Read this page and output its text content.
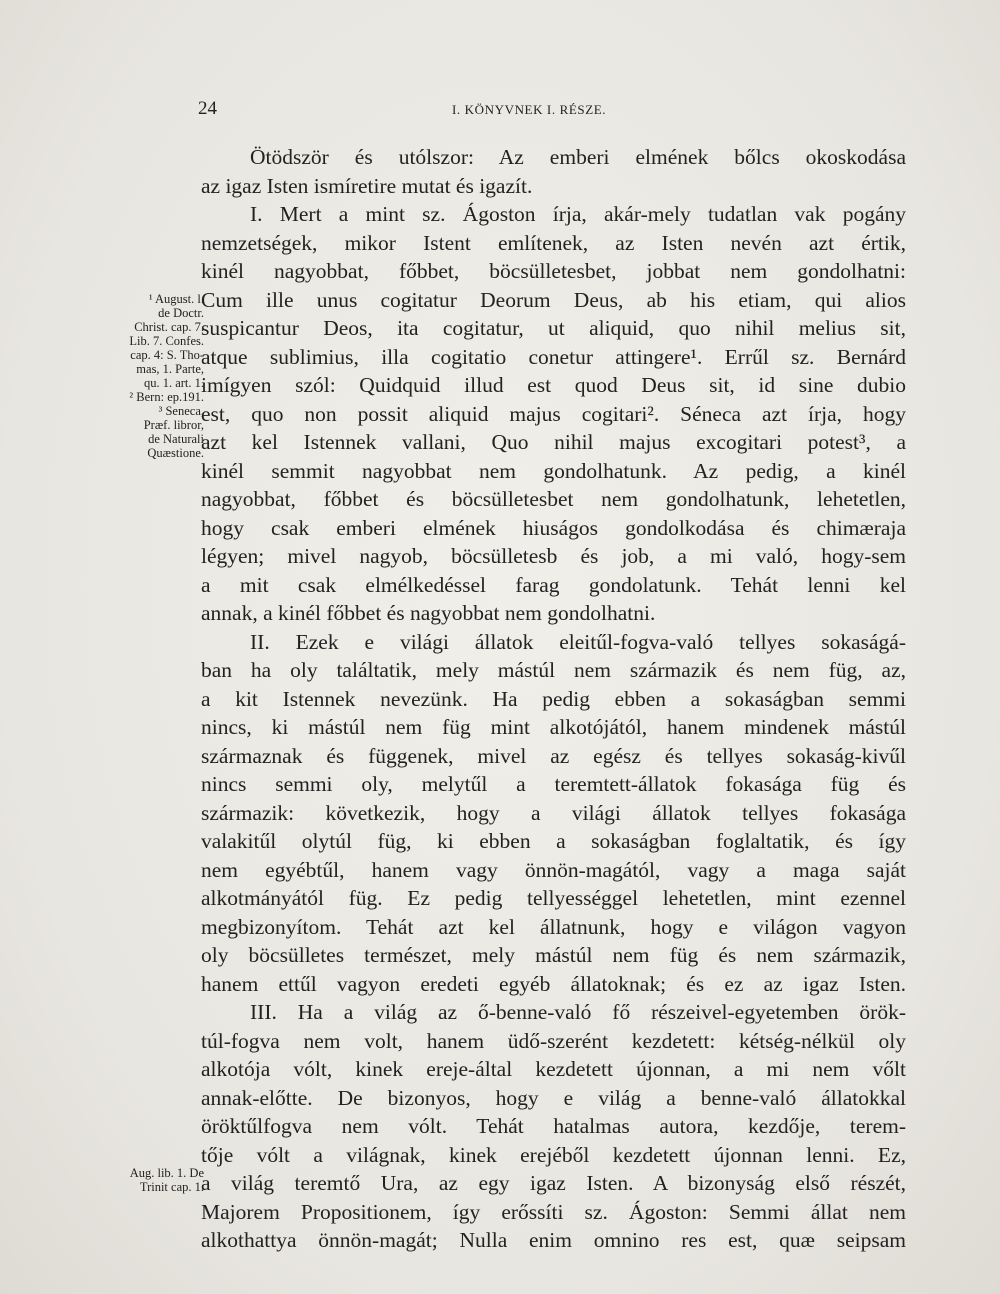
24	I. KÖNYVNEK I. RÉSZE.
Ötödször és utólszor: Az emberi elmének bőlcs okoskodása
az igaz Isten ismíretire mutat és igazít.
I. Mert a mint sz. Ágoston írja, akár-mely tudatlan vak pogány
nemzetségek, mikor Istent említenek, az Isten nevén azt értik,
kinél nagyobbat, főbbet, böcsülletesbet, jobbat nem gondolhatni:
Cum ille unus cogitatur Deorum Deus, ab his etiam, qui alios
suspicantur Deos, ita cogitatur, ut aliquid, quo nihil melius sit,
atque sublimius, illa cogitatio conetur attingere¹. Errűl sz. Bernárd
imígyen szól: Quidquid illud est quod Deus sit, id sine dubio
est, quo non possit aliquid majus cogitari². Séneca azt írja, hogy
azt kel Istennek vallani, Quo nihil majus excogitari potest³, a
kinél semmit nagyobbat nem gondolhatunk. Az pedig, a kinél
nagyobbat, főbbet és böcsülletesbet nem gondolhatunk, lehetetlen,
hogy csak emberi elmének hiuságos gondolkodása és chimæraja
légyen; mivel nagyob, böcsülletesb és job, a mi való, hogy-sem
a mit csak elmélkedéssel farag gondolatunk. Tehát lenni kel
annak, a kinél főbbet és nagyobbat nem gondolhatni.
II. Ezek e világi állatok eleitűl-fogva-való tellyes sokaságá-
ban ha oly találtatik, mely mástúl nem származik és nem füg, az,
a kit Istennek nevezünk. Ha pedig ebben a sokaságban semmi
nincs, ki mástúl nem füg mint alkotójától, hanem mindenek mástúl
származnak és függenek, mivel az egész és tellyes sokaság-kivűl
nincs semmi oly, melytűl a teremtett-állatok fokasága füg és
származik: következik, hogy a világi állatok tellyes fokasága
valakitűl olytúl füg, ki ebben a sokaságban foglaltatik, és így
nem egyébtűl, hanem vagy önnön-magától, vagy a maga saját
alkotmányától füg. Ez pedig tellyességgel lehetetlen, mint ezennel
megbizonyítom. Tehát azt kel állatnunk, hogy e világon vagyon
oly böcsülletes természet, mely mástúl nem füg és nem származik,
hanem ettűl vagyon eredeti egyéb állatoknak; és ez az igaz Isten.
III. Ha a világ az ő-benne-való fő részeivel-egyetemben örök-
túl-fogva nem volt, hanem üdő-szerént kezdetett: kétség-nélkül oly
alkotója vólt, kinek ereje-által kezdetett újonnan, a mi nem vőlt
annak-előtte. De bizonyos, hogy e világ a benne-való állatokkal
öröktűlfogva nem vólt. Tehát hatalmas autora, kezdője, terem-
tője vólt a világnak, kinek erejéből kezdetett újonnan lenni. Ez,
a világ teremtő Ura, az egy igaz Isten. A bizonyság első részét,
Majorem Propositionem, így erőssíti sz. Ágoston: Semmi állat nem
alkothattya önnön-magát; Nulla enim omnino res est, quæ seipsam
¹ August. l.
de Doctr.
Christ. cap. 7.
Lib. 7. Confes.
cap. 4: S. Tho-
mas, 1. Parte,
qu. 1. art. 1.
² Bern: ep.191.
³ Seneca,
Præf. libror,
de Naturali
Quæstione.
Aug. lib. 1. De
Trinit cap. 1.
